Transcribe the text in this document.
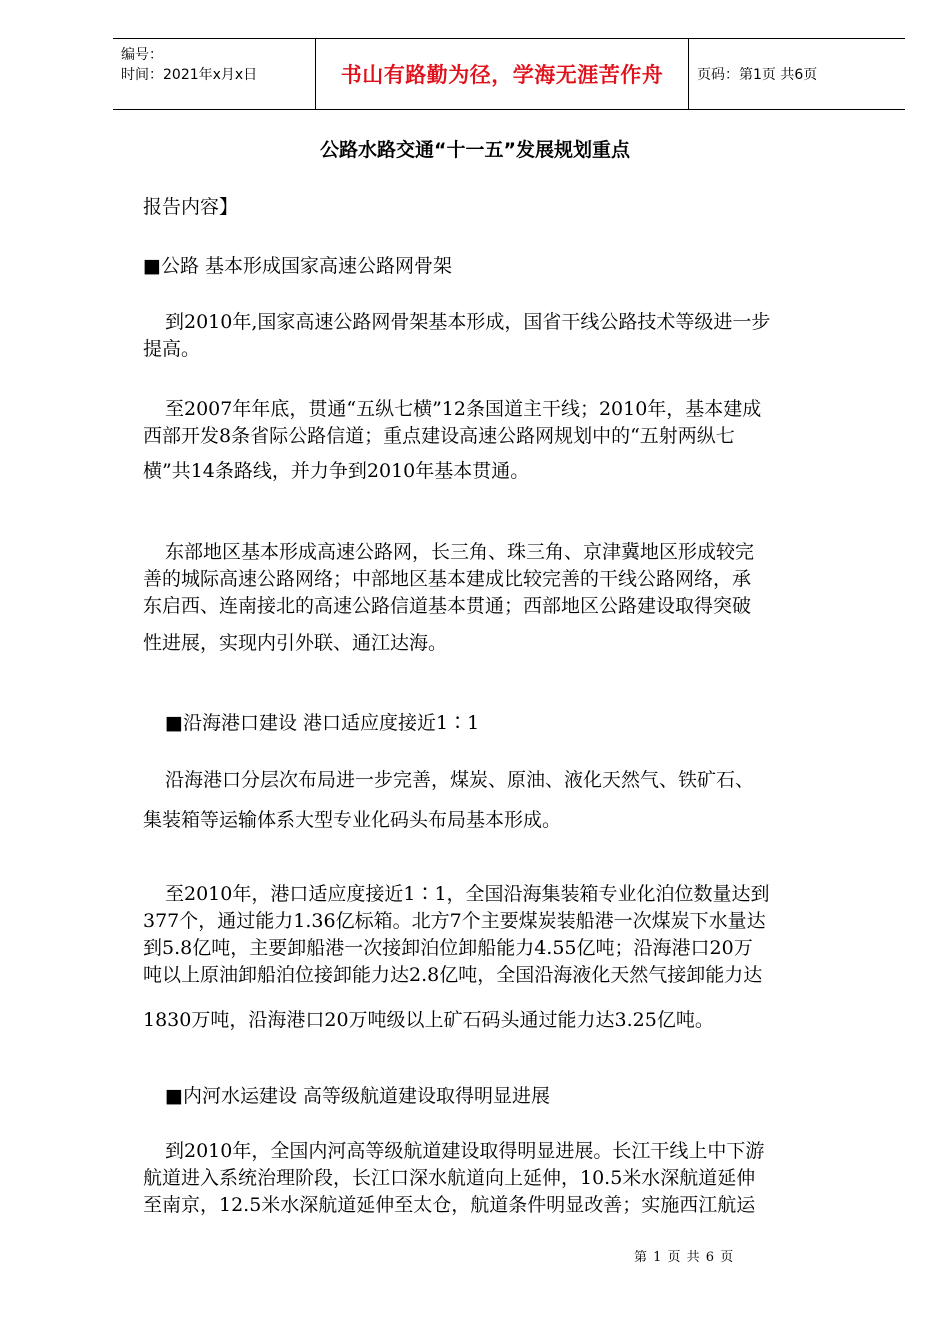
编号：
时间：2021年x月x日	书山有路勤为径，学海无涯苦作舟	页码：第1页 共6页
公路水路交通“十一五”发展规划重点
报告内容】
■公路 基本形成国家高速公路网骨架
到2010年,国家高速公路网骨架基本形成，国省干线公路技术等级进一步
提高。
至2007年年底，贯通“五纵七横”12条国道主干线；2010年，基本建成
西部开发8条省际公路信道；重点建设高速公路网规划中的“五射两纵七
横”共14条路线，并力争到2010年基本贯通。
东部地区基本形成高速公路网，长三角、珠三角、京津冀地区形成较完
善的城际高速公路网络；中部地区基本建成比较完善的干线公路网络，承
东启西、连南接北的高速公路信道基本贯通；西部地区公路建设取得突破
性进展，实现内引外联、通江达海。
■沿海港口建设 港口适应度接近1∶1
沿海港口分层次布局进一步完善，煤炭、原油、液化天然气、铁矿石、
集装箱等运输体系大型专业化码头布局基本形成。
至2010年，港口适应度接近1∶1，全国沿海集装箱专业化泊位数量达到
377个，通过能力1.36亿标箱。北方7个主要煤炭装船港一次煤炭下水量达
到5.8亿吨，主要卸船港一次接卸泊位卸船能力4.55亿吨；沿海港口20万
吨以上原油卸船泊位接卸能力达2.8亿吨，全国沿海液化天然气接卸能力达
1830万吨，沿海港口20万吨级以上矿石码头通过能力达3.25亿吨。
■内河水运建设 高等级航道建设取得明显进展
到2010年，全国内河高等级航道建设取得明显进展。长江干线上中下游
航道进入系统治理阶段，长江口深水航道向上延伸，10.5米水深航道延伸
至南京，12.5米水深航道延伸至太仓，航道条件明显改善；实施西江航运
第 1 页 共 6 页
